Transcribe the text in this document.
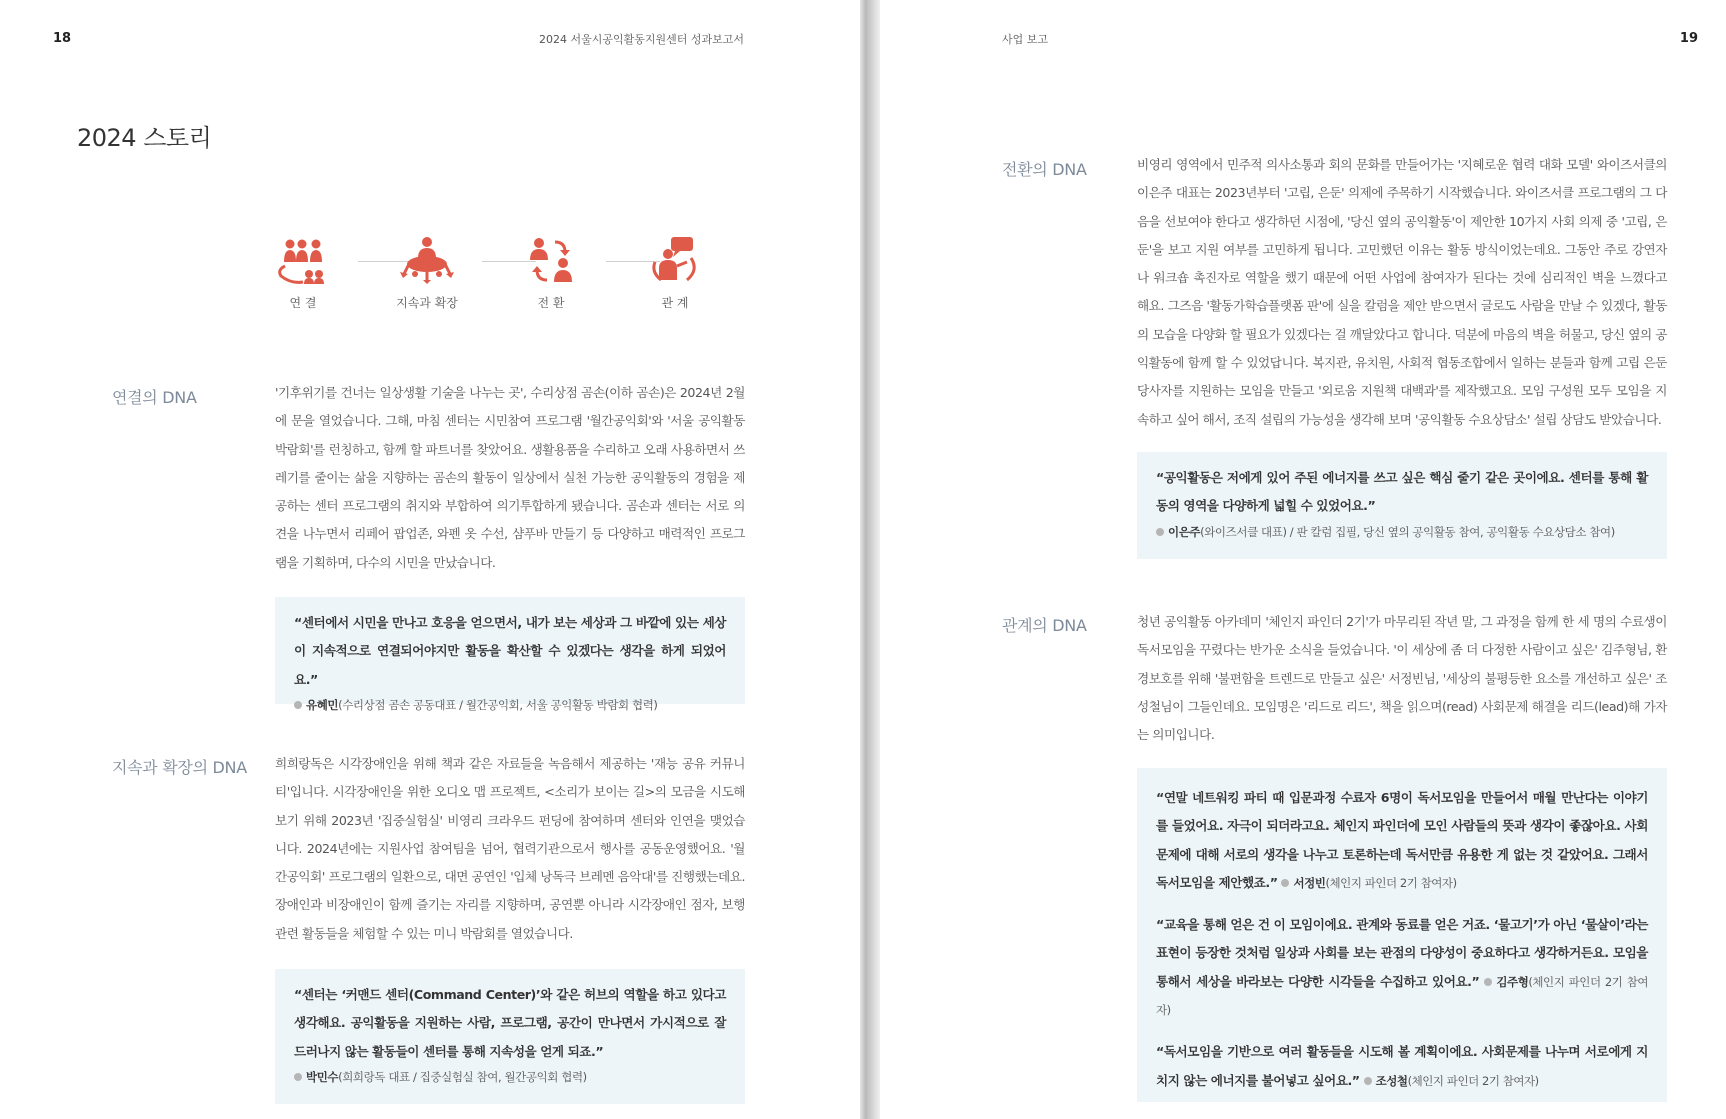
18	2024 서울시공익활동지원센터 성과보고서
2024 스토리
연 결	지속과 확장	전 환	관 계
연결의 DNA	'기후위기를 건너는 일상생활 기술을 나누는 곳', 수리상점 곰손(이하 곰손)은 2024년 2월에 문을 열었습니다. 그해, 마침 센터는 시민참여 프로그램 '월간공익회'와 '서울 공익활동 박람회'를 런칭하고, 함께 할 파트너를 찾았어요. 생활용품을 수리하고 오래 사용하면서 쓰레기를 줄이는 삶을 지향하는 곰손의 활동이 일상에서 실천 가능한 공익활동의 경험을 제공하는 센터 프로그램의 취지와 부합하여 의기투합하게 됐습니다. 곰손과 센터는 서로 의견을 나누면서 리페어 팝업존, 와펜 옷 수선, 샴푸바 만들기 등 다양하고 매력적인 프로그램을 기획하며, 다수의 시민을 만났습니다.

“센터에서 시민을 만나고 호응을 얻으면서, 내가 보는 세상과 그 바깥에 있는 세상이 지속적으로 연결되어야지만 활동을 확산할 수 있겠다는 생각을 하게 되었어요.”

유혜민(수리상점 곰손 공동대표 / 월간공익회, 서울 공익활동 박람회 협력)

지속과 확장의 DNA 희희랑독은 시각장애인을 위해 책과 같은 자료들을 녹음해서 제공하는 '재능 공유 커뮤니티'입니다. 시각장애인을 위한 오디오 맵 프로젝트, <소리가 보이는 길>의 모금을 시도해 보기 위해 2023년 '집중실험실' 비영리 크라우드 펀딩에 참여하며 센터와 인연을 맺었습니다. 2024년에는 지원사업 참여팀을 넘어, 협력기관으로서 행사를 공동운영했어요. '월간공익회' 프로그램의 일환으로, 대면 공연인 '입체 낭독극 브레멘 음악대'를 진행했는데요. 장애인과 비장애인이 함께 즐기는 자리를 지향하며, 공연뿐 아니라 시각장애인 점자, 보행 관련 활동들을 체험할 수 있는 미니 박람회를 열었습니다.

“센터는 ‘커맨드 센터(Command Center)’와 같은 허브의 역할을 하고 있다고 생각해요. 공익활동을 지원하는 사람, 프로그램, 공간이 만나면서 가시적으로 잘 드러나지 않는 활동들이 센터를 통해 지속성을 얻게 되죠.”

박민수(희희랑독 대표 / 집중실험실 참여, 월간공익회 협력)

사업 보고	19
전환의 DNA	비영리 영역에서 민주적 의사소통과 회의 문화를 만들어가는 '지혜로운 협력 대화 모델' 와이즈서클의 이은주 대표는 2023년부터 '고립, 은둔' 의제에 주목하기 시작했습니다. 와이즈서클 프로그램의 그 다음을 선보여야 한다고 생각하던 시점에, '당신 옆의 공익활동'이 제안한 10가지 사회 의제 중 '고립, 은둔'을 보고 지원 여부를 고민하게 됩니다. 고민했던 이유는 활동 방식이었는데요. 그동안 주로 강연자나 워크숍 촉진자로 역할을 했기 때문에 어떤 사업에 참여자가 된다는 것에 심리적인 벽을 느꼈다고 해요. 그즈음 '활동가학습플랫폼 판'에 실을 칼럼을 제안 받으면서 글로도 사람을 만날 수 있겠다, 활동의 모습을 다양화 할 필요가 있겠다는 걸 깨달았다고 합니다. 덕분에 마음의 벽을 허물고, 당신 옆의 공익활동에 함께 할 수 있었답니다. 복지관, 유치원, 사회적 협동조합에서 일하는 분들과 함께 고립 은둔 당사자를 지원하는 모임을 만들고 '외로움 지원책 대백과'를 제작했고요. 모임 구성원 모두 모임을 지속하고 싶어 해서, 조직 설립의 가능성을 생각해 보며 '공익활동 수요상담소' 설립 상담도 받았습니다.

“공익활동은 저에게 있어 주된 에너지를 쓰고 싶은 핵심 줄기 같은 곳이에요. 센터를 통해 활동의 영역을 다양하게 넓힐 수 있었어요.”

이은주(와이즈서클 대표) / 판 칼럼 집필, 당신 옆의 공익활동 참여, 공익활동 수요상담소 참여)

관계의 DNA	청년 공익활동 아카데미 '체인지 파인더 2기'가 마무리된 작년 말, 그 과정을 함께 한 세 명의 수료생이 독서모임을 꾸렸다는 반가운 소식을 들었습니다. '이 세상에 좀 더 다정한 사람이고 싶은' 김주형님, 환경보호를 위해 '불편함을 트렌드로 만들고 싶은' 서정빈님, '세상의 불평등한 요소를 개선하고 싶은' 조성철님이 그들인데요. 모임명은 '리드로 리드', 책을 읽으며(read) 사회문제 해결을 리드(lead)해 가자는 의미입니다.

“연말 네트워킹 파티 때 입문과정 수료자 6명이 독서모임을 만들어서 매월 만난다는 이야기를 들었어요. 자극이 되더라고요. 체인지 파인더에 모인 사람들의 뜻과 생각이 좋잖아요. 사회문제에 대해 서로의 생각을 나누고 토론하는데 독서만큼 유용한 게 없는 것 같았어요. 그래서 독서모임을 제안했죠.” 서정빈(체인지 파인더 2기 참여자)

“교육을 통해 얻은 건 이 모임이에요. 관계와 동료를 얻은 거죠. ‘물고기’가 아닌 ‘물살이’라는 표현이 등장한 것처럼 일상과 사회를 보는 관점의 다양성이 중요하다고 생각하거든요. 모임을 통해서 세상을 바라보는 다양한 시각들을 수집하고 있어요.” 김주형(체인지 파인더 2기 참여자)

“독서모임을 기반으로 여러 활동들을 시도해 볼 계획이에요. 사회문제를 나누며 서로에게 지치지 않는 에너지를 불어넣고 싶어요.” 조성철(체인지 파인더 2기 참여자)
